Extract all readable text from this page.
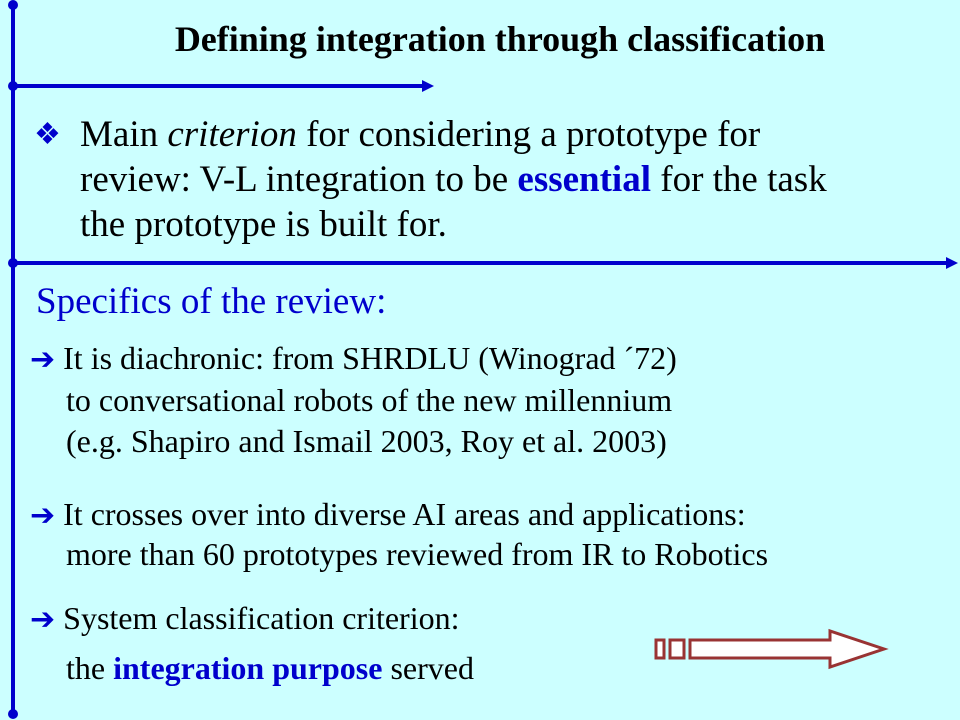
Defining integration through classification
❖ Main criterion for considering a prototype for
review: V-L integration to be essential for the task
the prototype is built for.
Specifics of the review:
➔ It is diachronic: from SHRDLU (Winograd ´72)
to conversational robots of the new millennium
(e.g. Shapiro and Ismail 2003, Roy et al. 2003)
➔ It crosses over into diverse AI areas and applications:
more than 60 prototypes reviewed from IR to Robotics
➔ System classification criterion:
the integration purpose served
